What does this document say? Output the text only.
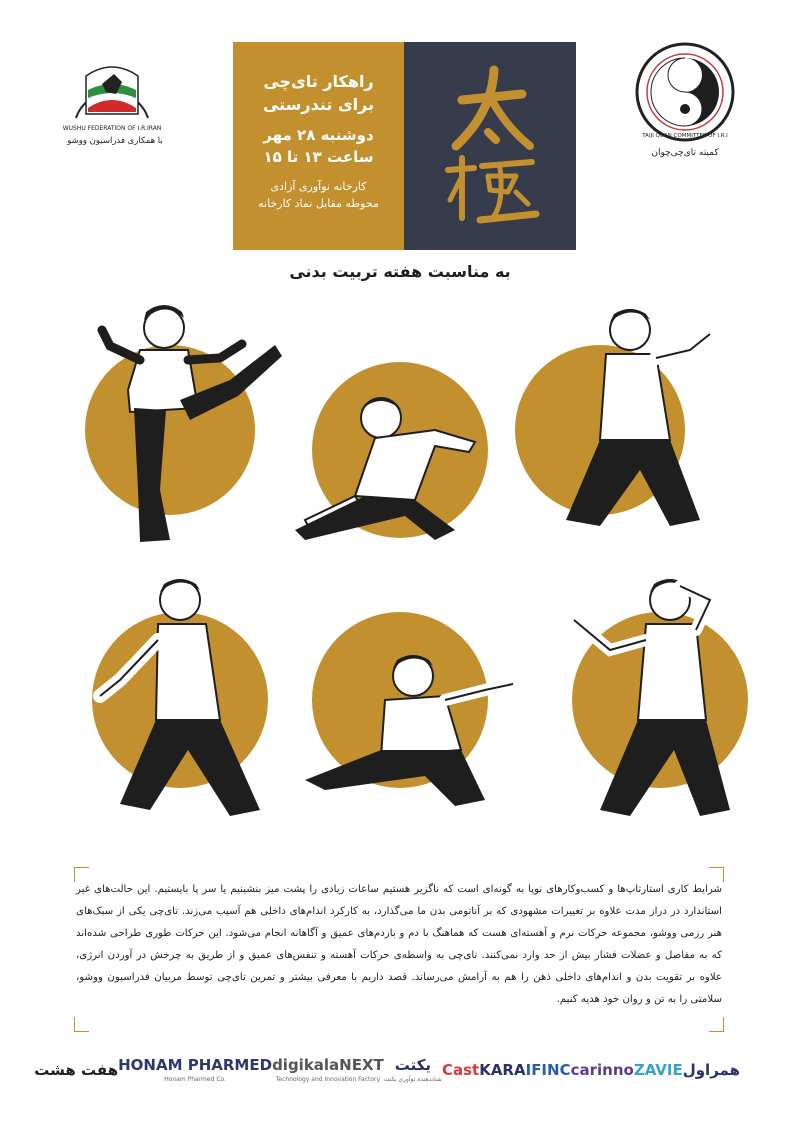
WUSHU FEDERATION OF I.R.IRAN
با همکاری فدراسیون ووشو
راهکار تای‌چی
برای تندرستی
دوشنبه ۲۸ مهر
ساعت ۱۳ تا ۱۵
کارخانه نوآوری آزادی
محوطه مقابل نماد کارخانه
TAIJI QUAN COMMITTEE OF I.R.I
کمیته تای‌چی‌چوان
به مناسبت هفته تربیت بدنی
شرایط کاری استارتاپ‌ها و کسب‌وکارهای نوپا به گونه‌ای است که ناگزیر هستیم ساعات زیادی را پشت میز بنشینیم یا سر پا بایستیم. این حالت‌های غیر استاندارد در دراز مدت علاوه بر تغییرات مشهودی که بر آناتومی بدن ما می‌گذارد، به کارکرد اندام‌های داخلی هم آسیب می‌زند. تای‌چی یکی از سبک‌های هنر رزمی ووشو، مجموعه حرکات نرم و آهسته‌ای هست که هماهنگ با دم و بازدم‌های عمیق و آگاهانه انجام می‌شود. این حرکات طوری طراحی شده‌اند که به مفاصل و عضلات فشار بیش از حد وارد نمی‌کنند. تای‌چی به واسطه‌ی حرکات آهسته و تنفس‌های عمیق و از طریق به چرخش در آوردن انرژی، علاوه بر تقویت بدن و اندام‌های داخلی ذهن را هم به آرامش می‌رساند. قصد داریم با معرفی بیشتر و تمرین تای‌چی توسط مربیان فدراسیون ووشو، سلامتی را به تن و روان خود هدیه کنیم.
همراول
ZAVIE
carinno
IFINC
KARA
Cast
یکتت
شتابدهنده نوآوری یکتت
digikalaNEXT
Technology and Innovation Factory
HONAM PHARMED
Honam Pharmed Co.
هفت هشت
